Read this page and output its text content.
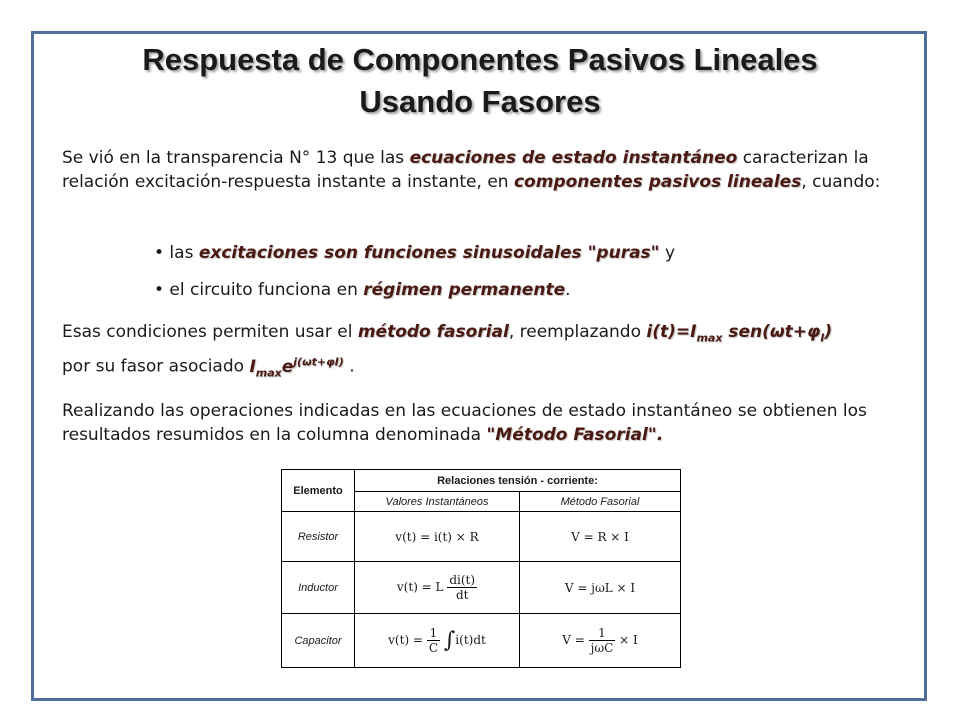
Respuesta de Componentes Pasivos Lineales
Usando Fasores
Se vió en la transparencia N° 13 que las ecuaciones de estado instantáneo caracterizan la relación excitación-respuesta instante a instante, en componentes pasivos lineales, cuando:
• las excitaciones son funciones sinusoidales "puras" y
• el circuito funciona en régimen permanente.
Esas condiciones permiten usar el método fasorial, reemplazando $i(t)=I_{max}$ $sen(\omega t+\varphi_I)$
por su fasor asociado $I_{max}e^{j(\omega t+\varphi I)}$ .
Realizando las operaciones indicadas en las ecuaciones de estado instantáneo se obtienen los resultados resumidos en la columna denominada "Método Fasorial".
Elemento	Relaciones tensión - corriente:	
	Valores Instantáneos	Método Fasorial
Resistor	v(t) = i(t) × R	V = R × I
Inductor	v(t) = L $\frac{di(t)}{dt}$	V = jωL × I
Capacitor	$v(t) = \frac{1}{C} \int i(t)dt$	$V = \frac{1}{\text{jωC}} \times I$
